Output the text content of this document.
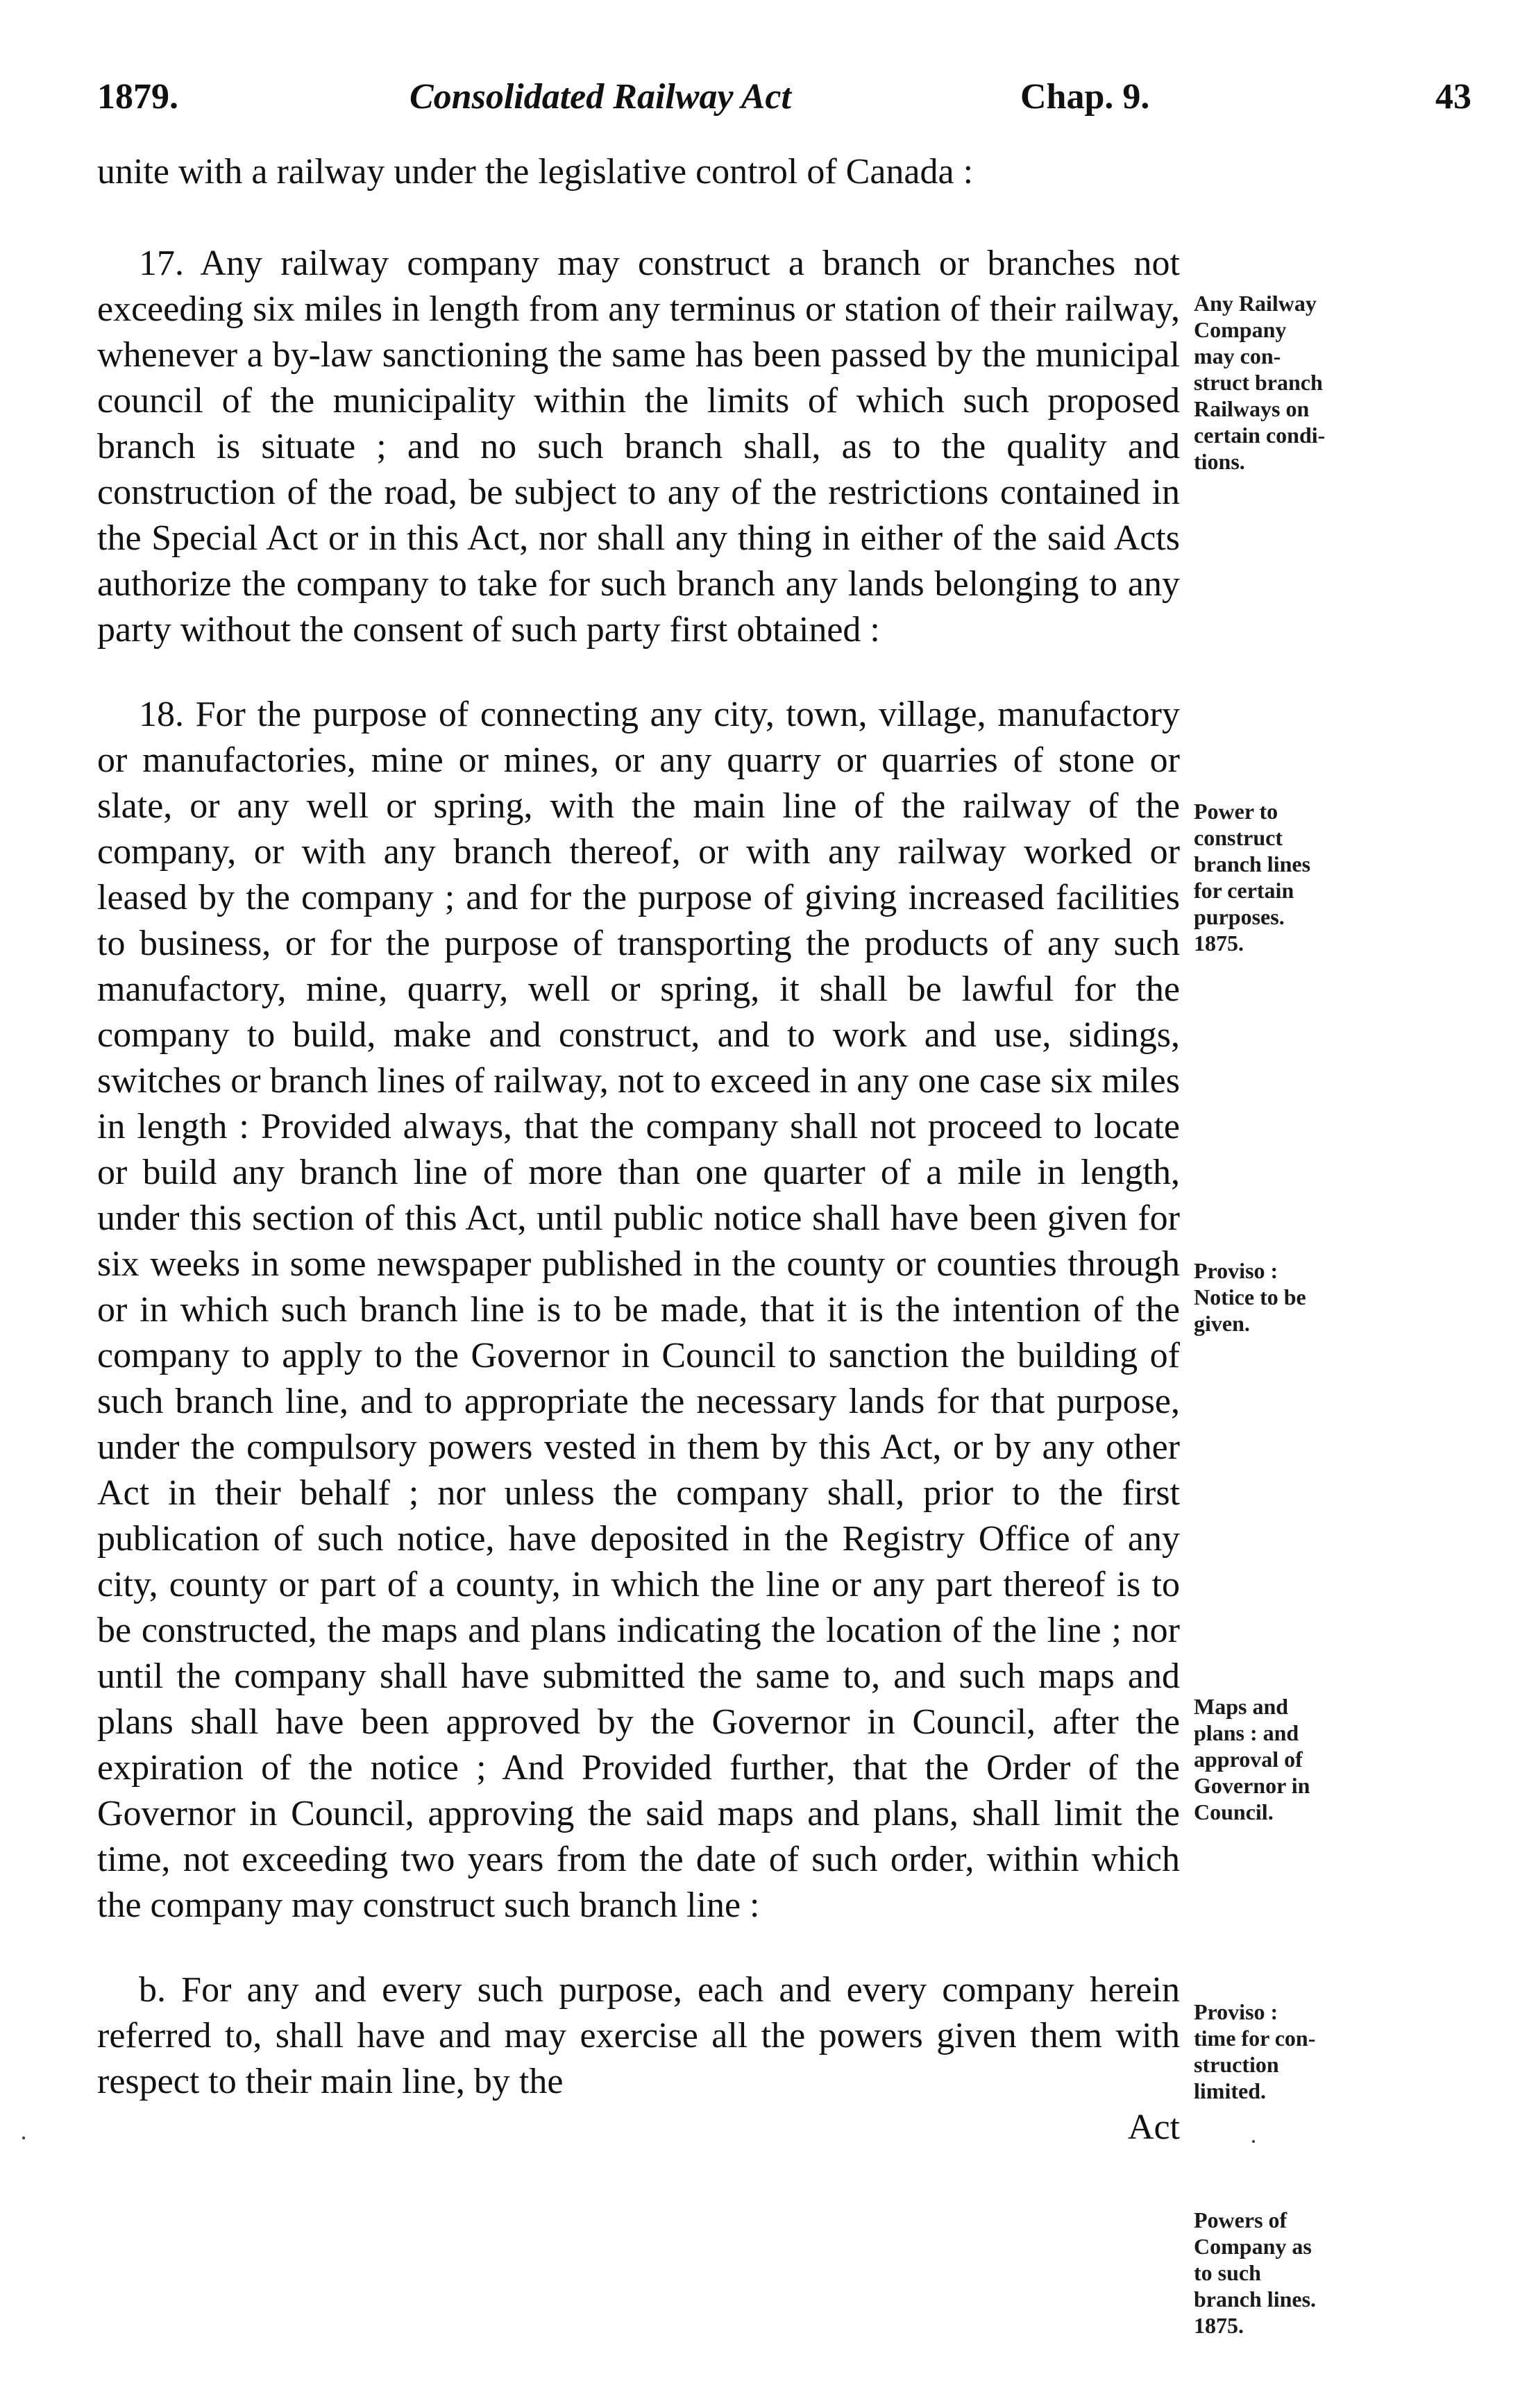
1879.	Consolidated Railway Act	Chap. 9.	43

unite with a railway under the legislative control of Canada :

17. Any railway company may construct a branch or branches not exceeding six miles in length from any terminus or station of their railway, whenever a by-law sanctioning the same has been passed by the municipal council of the municipality within the limits of which such proposed branch is situate ; and no such branch shall, as to the quality and construction of the road, be subject to any of the restrictions contained in the Special Act or in this Act, nor shall any thing in either of the said Acts authorize the company to take for such branch any lands belonging to any party without the consent of such party first obtained :

18. For the purpose of connecting any city, town, village, manufactory or manufactories, mine or mines, or any quarry or quarries of stone or slate, or any well or spring, with the main line of the railway of the company, or with any branch thereof, or with any railway worked or leased by the company ; and for the purpose of giving increased facilities to business, or for the purpose of transporting the products of any such manufactory, mine, quarry, well or spring, it shall be lawful for the company to build, make and construct, and to work and use, sidings, switches or branch lines of railway, not to exceed in any one case six miles in length : Provided always, that the company shall not proceed to locate or build any branch line of more than one quarter of a mile in length, under this section of this Act, until public notice shall have been given for six weeks in some newspaper published in the county or counties through or in which such branch line is to be made, that it is the intention of the company to apply to the Governor in Council to sanction the building of such branch line, and to appropriate the necessary lands for that purpose, under the compulsory powers vested in them by this Act, or by any other Act in their behalf ; nor unless the company shall, prior to the first publication of such notice, have deposited in the Registry Office of any city, county or part of a county, in which the line or any part thereof is to be constructed, the maps and plans indicating the location of the line ; nor until the company shall have submitted the same to, and such maps and plans shall have been approved by the Governor in Council, after the expiration of the notice ; And Provided further, that the Order of the Governor in Council, approving the said maps and plans, shall limit the time, not exceeding two years from the date of such order, within which the company may construct such branch line :

b. For any and every such purpose, each and every company herein referred to, shall have and may exercise all the powers given them with respect to their main line, by the
Act

Any Railway
Company
may con-
struct branch
Railways on
certain condi-
tions.
Power to
construct
branch lines
for certain
purposes.
1875.
Proviso :
Notice to be
given.
Maps and
plans : and
approval of
Governor in
Council.
Proviso :
time for con-
struction
limited.
Powers of
Company as
to such
branch lines.
1875.
·	·
